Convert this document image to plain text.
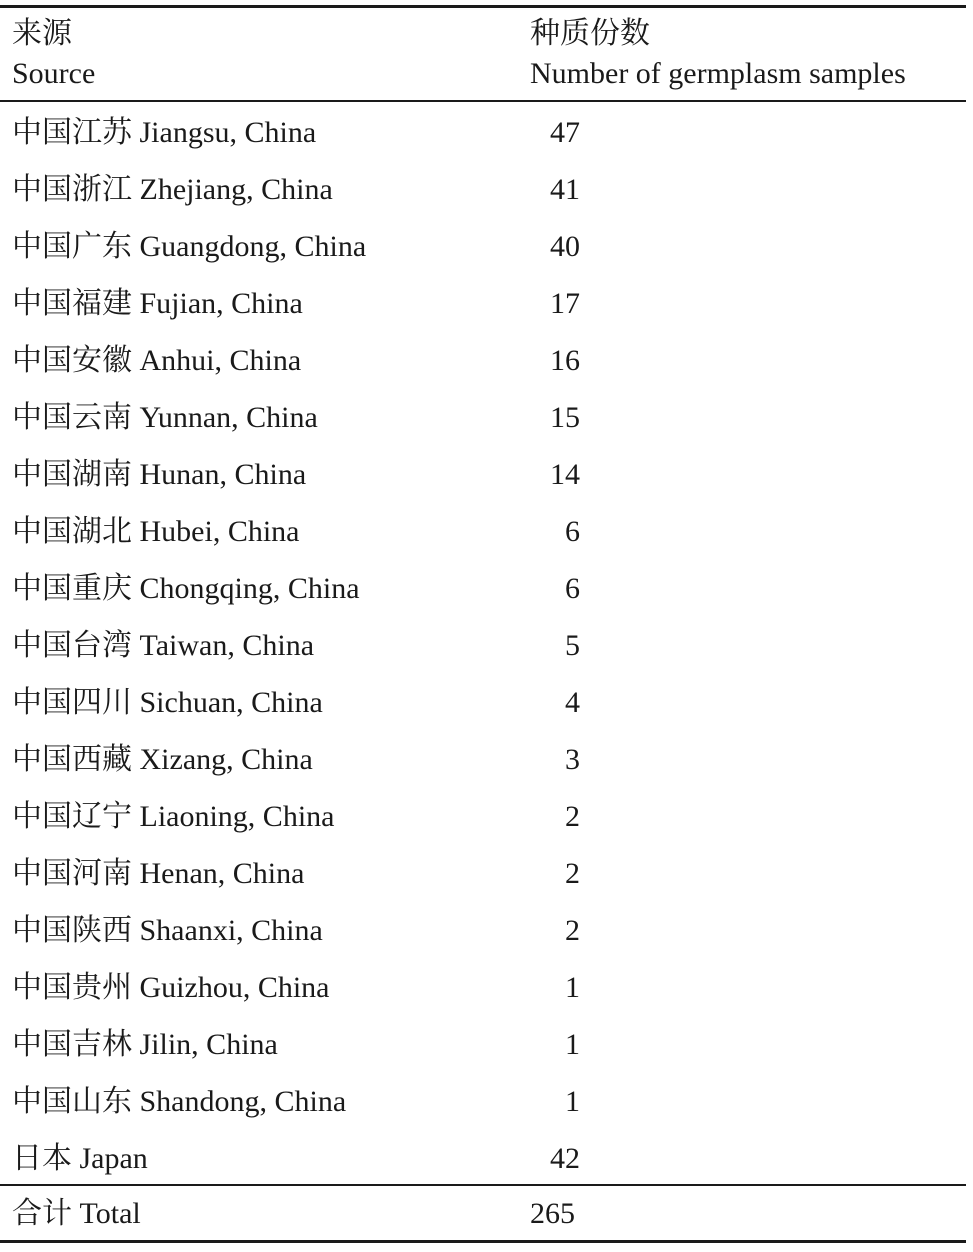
来源
Source
种质份数
Number of germplasm samples
中国江苏 Jiangsu, China	47
中国浙江 Zhejiang, China	41
中国广东 Guangdong, China	40
中国福建 Fujian, China	17
中国安徽 Anhui, China	16
中国云南 Yunnan, China	15
中国湖南 Hunan, China	14
中国湖北 Hubei, China	6
中国重庆 Chongqing, China	6
中国台湾 Taiwan, China	5
中国四川 Sichuan, China	4
中国西藏 Xizang, China	3
中国辽宁 Liaoning, China	2
中国河南 Henan, China	2
中国陕西 Shaanxi, China	2
中国贵州 Guizhou, China	1
中国吉林 Jilin, China	1
中国山东 Shandong, China	1
日本 Japan	42
合计 Total	265
